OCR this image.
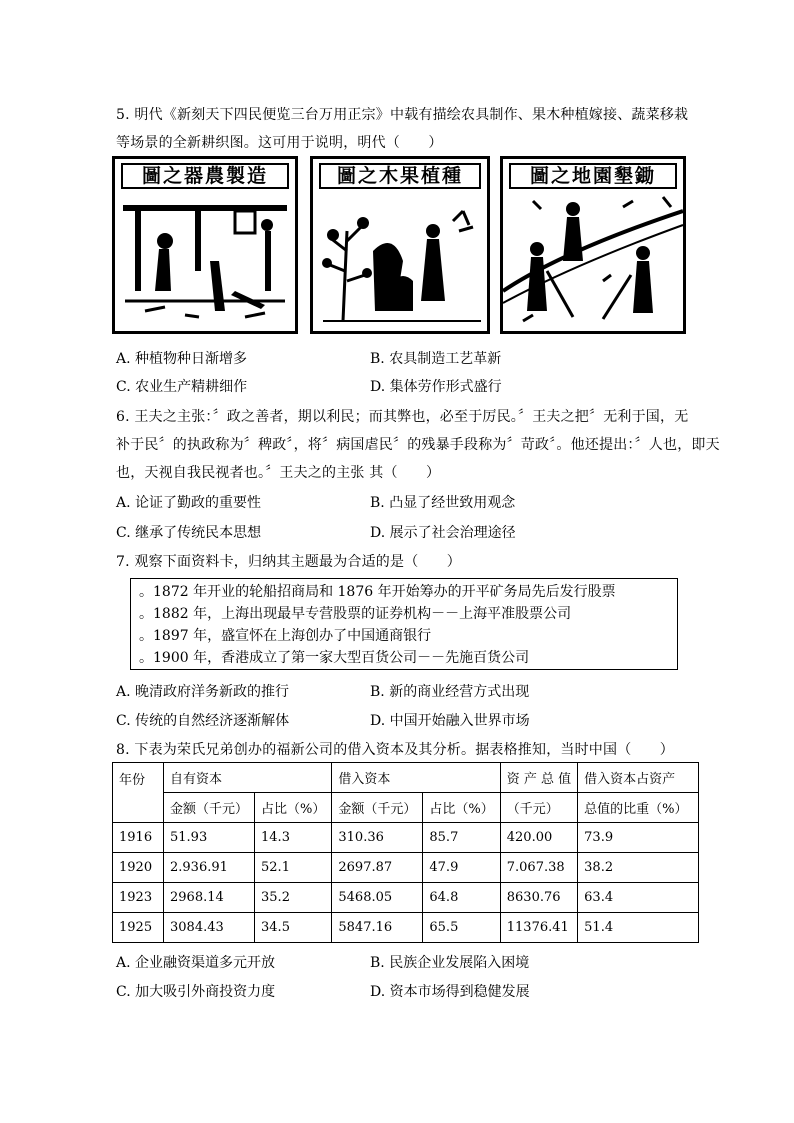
5. 明代《新刻天下四民便览三台万用正宗》中载有描绘农具制作、果木种植嫁接、蔬菜移栽
等场景的全新耕织图。这可用于说明，明代（　　）
圖之器農製造	圖之木果植種	圖之地園墾鋤
A. 种植物种日渐增多	B. 农具制造工艺革新
C. 农业生产精耕细作	D. 集体劳作形式盛行
6. 王夫之主张：〞政之善者，期以利民；而其弊也，必至于厉民。〞王夫之把〞无利于国，无
补于民〞的执政称为〞稗政〞，将〞病国虐民〞的残暴手段称为〞苛政〞。他还提出：〞人也，即天
也，天视自我民视者也。〞王夫之的主张 其（　　）
A. 论证了勤政的重要性	B. 凸显了经世致用观念
C. 继承了传统民本思想	D. 展示了社会治理途径
7. 观察下面资料卡，归纳其主题最为合适的是（　　）
。1872 年开业的轮船招商局和 1876 年开始筹办的开平矿务局先后发行股票
。1882 年，上海出现最早专营股票的证券机构－－上海平准股票公司
。1897 年，盛宣怀在上海创办了中国通商银行
。1900 年，香港成立了第一家大型百货公司－－先施百货公司
A. 晚清政府洋务新政的推行	B. 新的商业经营方式出现
C. 传统的自然经济逐渐解体	D. 中国开始融入世界市场
8. 下表为荣氏兄弟创办的福新公司的借入资本及其分析。据表格推知，当时中国（　　）
年份	自有资本		借入资本		资 产 总 值	借入资本占资产
	金额（千元）	占比（%）	金额（千元）	占比（%）	（千元）	总值的比重（%）
1916	51.93	14.3	310.36	85.7	420.00	73.9
1920	2.936.91	52.1	2697.87	47.9	7.067.38	38.2
1923	2968.14	35.2	5468.05	64.8	8630.76	63.4
1925	3084.43	34.5	5847.16	65.5	11376.41	51.4
A. 企业融资渠道多元开放	B. 民族企业发展陷入困境
C. 加大吸引外商投资力度	D. 资本市场得到稳健发展
